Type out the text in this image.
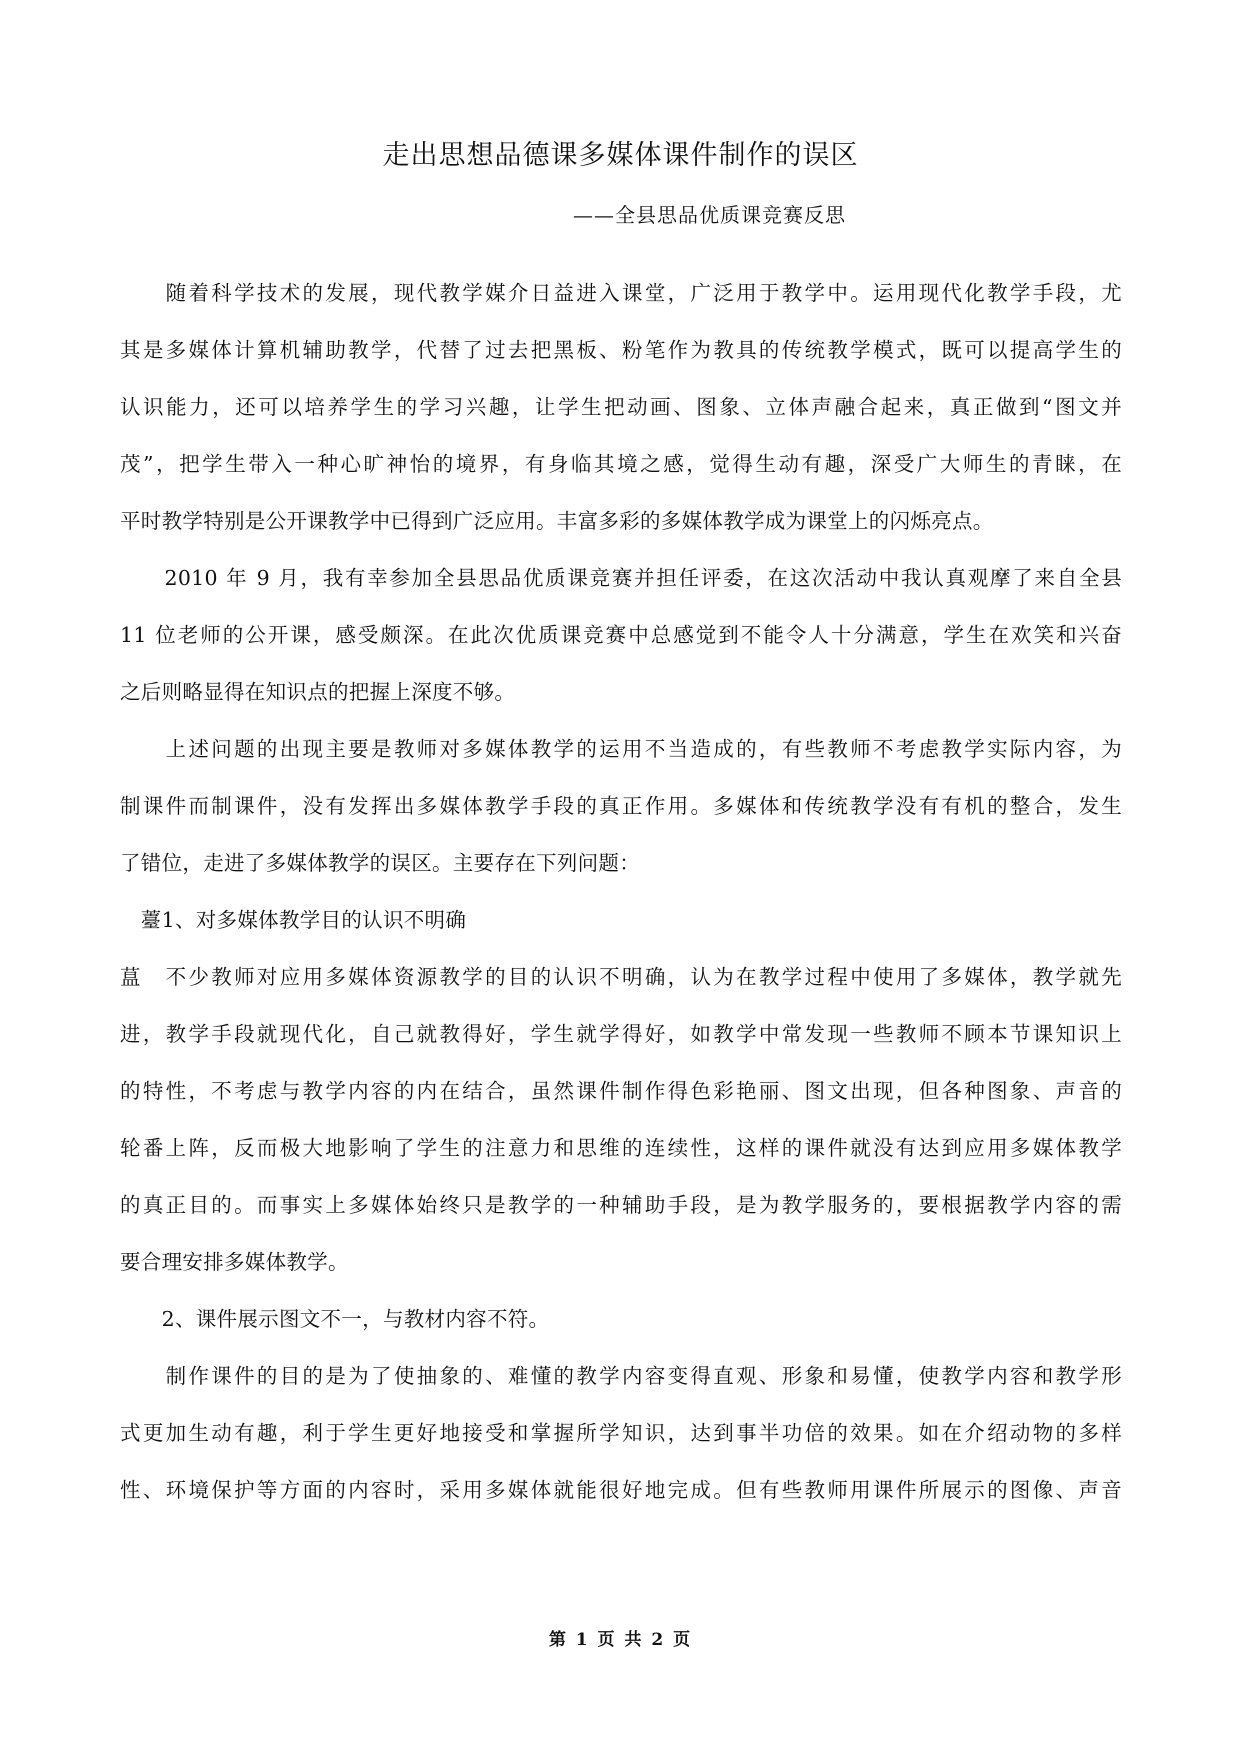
走出思想品德课多媒体课件制作的误区
——全县思品优质课竞赛反思
　　随着科学技术的发展，现代教学媒介日益进入课堂，广泛用于教学中。运用现代化教学手段，尤
其是多媒体计算机辅助教学，代替了过去把黑板、粉笔作为教具的传统教学模式，既可以提高学生的
认识能力，还可以培养学生的学习兴趣，让学生把动画、图象、立体声融合起来，真正做到“图文并
茂”，把学生带入一种心旷神怡的境界，有身临其境之感，觉得生动有趣，深受广大师生的青睐，在
平时教学特别是公开课教学中已得到广泛应用。丰富多彩的多媒体教学成为课堂上的闪烁亮点。
　　2010 年 9 月，我有幸参加全县思品优质课竞赛并担任评委，在这次活动中我认真观摩了来自全县
11 位老师的公开课，感受颇深。在此次优质课竞赛中总感觉到不能令人十分满意，学生在欢笑和兴奋
之后则略显得在知识点的把握上深度不够。
　　上述问题的出现主要是教师对多媒体教学的运用不当造成的，有些教师不考虑教学实际内容，为
制课件而制课件，没有发挥出多媒体教学手段的真正作用。多媒体和传统教学没有有机的整合，发生
了错位，走进了多媒体教学的误区。主要存在下列问题：
　薹1、对多媒体教学目的认识不明确
蒀　不少教师对应用多媒体资源教学的目的认识不明确，认为在教学过程中使用了多媒体，教学就先
进，教学手段就现代化，自己就教得好，学生就学得好，如教学中常发现一些教师不顾本节课知识上
的特性，不考虑与教学内容的内在结合，虽然课件制作得色彩艳丽、图文出现，但各种图象、声音的
轮番上阵，反而极大地影响了学生的注意力和思维的连续性，这样的课件就没有达到应用多媒体教学
的真正目的。而事实上多媒体始终只是教学的一种辅助手段，是为教学服务的，要根据教学内容的需
要合理安排多媒体教学。
　　2、课件展示图文不一，与教材内容不符。
　　制作课件的目的是为了使抽象的、难懂的教学内容变得直观、形象和易懂，使教学内容和教学形
式更加生动有趣，利于学生更好地接受和掌握所学知识，达到事半功倍的效果。如在介绍动物的多样
性、环境保护等方面的内容时，采用多媒体就能很好地完成。但有些教师用课件所展示的图像、声音
第 1 页 共 2 页
